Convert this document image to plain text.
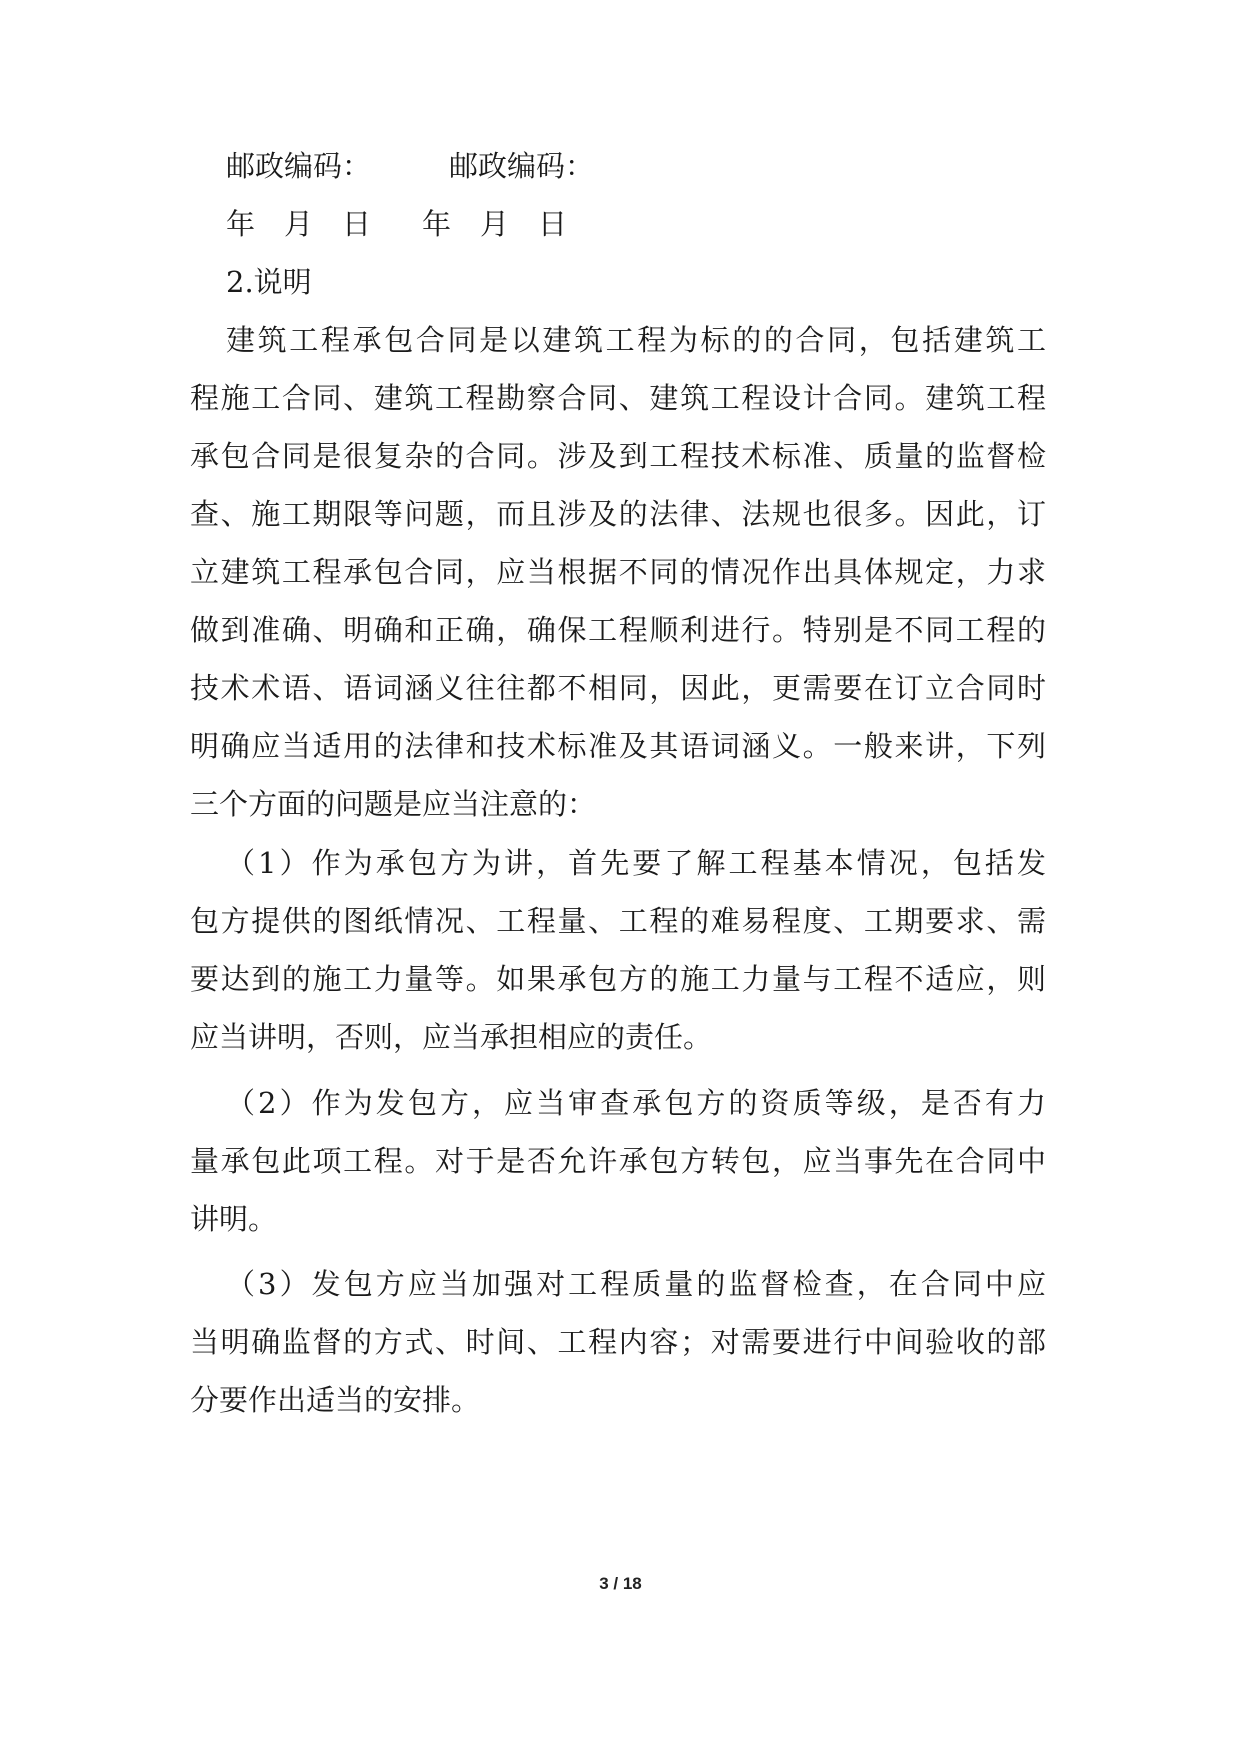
邮政编码：	邮政编码：
年　月　日 年　月　日
2.说明
建筑工程承包合同是以建筑工程为标的的合同，包括建筑工
程施工合同、建筑工程勘察合同、建筑工程设计合同。建筑工程
承包合同是很复杂的合同。涉及到工程技术标准、质量的监督检
查、施工期限等问题，而且涉及的法律、法规也很多。因此，订
立建筑工程承包合同，应当根据不同的情况作出具体规定，力求
做到准确、明确和正确，确保工程顺利进行。特别是不同工程的
技术术语、语词涵义往往都不相同，因此，更需要在订立合同时
明确应当适用的法律和技术标准及其语词涵义。一般来讲，下列
三个方面的问题是应当注意的：
（1）作为承包方为讲，首先要了解工程基本情况，包括发
包方提供的图纸情况、工程量、工程的难易程度、工期要求、需
要达到的施工力量等。如果承包方的施工力量与工程不适应，则
应当讲明，否则，应当承担相应的责任。
（2）作为发包方，应当审查承包方的资质等级，是否有力
量承包此项工程。对于是否允许承包方转包，应当事先在合同中
讲明。
（3）发包方应当加强对工程质量的监督检查，在合同中应
当明确监督的方式、时间、工程内容；对需要进行中间验收的部
分要作出适当的安排。
3 / 18
